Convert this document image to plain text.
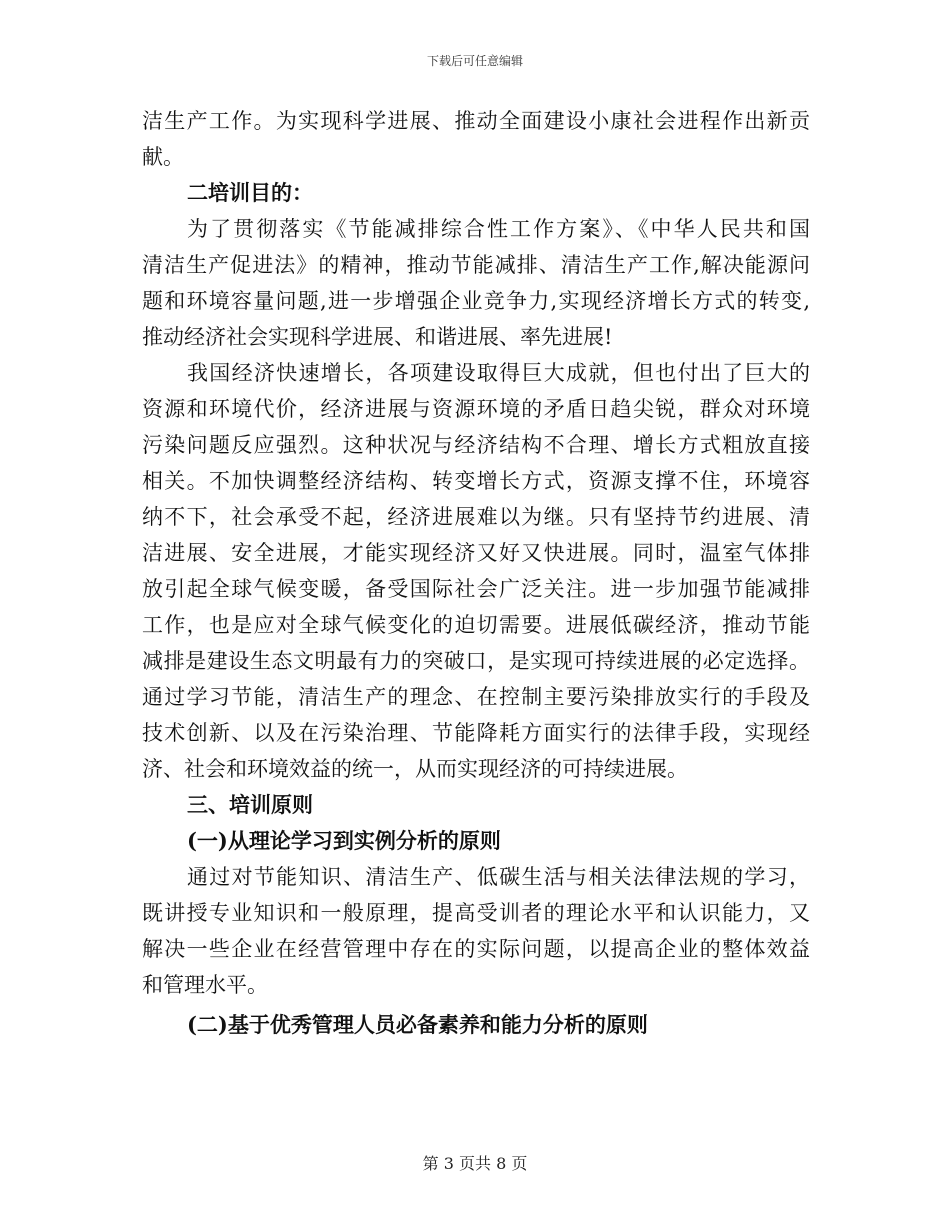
下载后可任意编辑
洁生产工作。为实现科学进展、推动全面建设小康社会进程作出新贡
献。
二培训目的：
为了贯彻落实《节能减排综合性工作方案》、《中华人民共和国
清洁生产促进法》的精神，推动节能减排、清洁生产工作,解决能源问
题和环境容量问题,进一步增强企业竞争力,实现经济增长方式的转变,
推动经济社会实现科学进展、和谐进展、率先进展!
我国经济快速增长，各项建设取得巨大成就，但也付出了巨大的
资源和环境代价，经济进展与资源环境的矛盾日趋尖锐，群众对环境
污染问题反应强烈。这种状况与经济结构不合理、增长方式粗放直接
相关。不加快调整经济结构、转变增长方式，资源支撑不住，环境容
纳不下，社会承受不起，经济进展难以为继。只有坚持节约进展、清
洁进展、安全进展，才能实现经济又好又快进展。同时，温室气体排
放引起全球气候变暖，备受国际社会广泛关注。进一步加强节能减排
工作，也是应对全球气候变化的迫切需要。进展低碳经济，推动节能
减排是建设生态文明最有力的突破口，是实现可持续进展的必定选择。
通过学习节能，清洁生产的理念、在控制主要污染排放实行的手段及
技术创新、以及在污染治理、节能降耗方面实行的法律手段，实现经
济、社会和环境效益的统一，从而实现经济的可持续进展。
三、培训原则
(一)从理论学习到实例分析的原则
通过对节能知识、清洁生产、低碳生活与相关法律法规的学习，
既讲授专业知识和一般原理，提高受训者的理论水平和认识能力，又
解决一些企业在经营管理中存在的实际问题，以提高企业的整体效益
和管理水平。
(二)基于优秀管理人员必备素养和能力分析的原则
第 3 页共 8 页
